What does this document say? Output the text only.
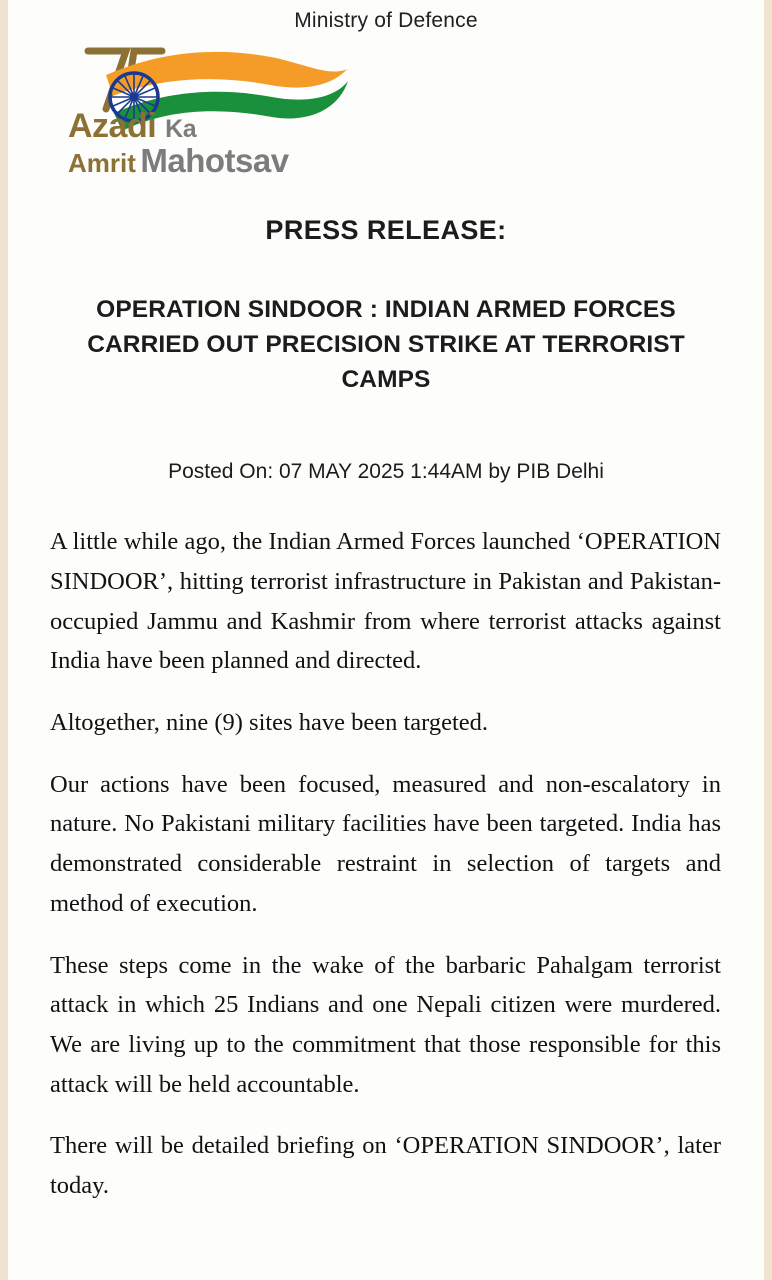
Ministry of Defence
Azadi Ka
Amrit Mahotsav
PRESS RELEASE:
OPERATION SINDOOR : INDIAN ARMED FORCES CARRIED OUT PRECISION STRIKE AT TERRORIST CAMPS
Posted On: 07 MAY 2025 1:44AM by PIB Delhi

A little while ago, the Indian Armed Forces launched ‘OPERATION SINDOOR’, hitting terrorist infrastructure in Pakistan and Pakistan-occupied Jammu and Kashmir from where terrorist attacks against India have been planned and directed.

Altogether, nine (9) sites have been targeted.

Our actions have been focused, measured and non-escalatory in nature. No Pakistani military facilities have been targeted. India has demonstrated considerable restraint in selection of targets and method of execution.

These steps come in the wake of the barbaric Pahalgam terrorist attack in which 25 Indians and one Nepali citizen were murdered. We are living up to the commitment that those responsible for this attack will be held accountable.

There will be detailed briefing on ‘OPERATION SINDOOR’, later today.
